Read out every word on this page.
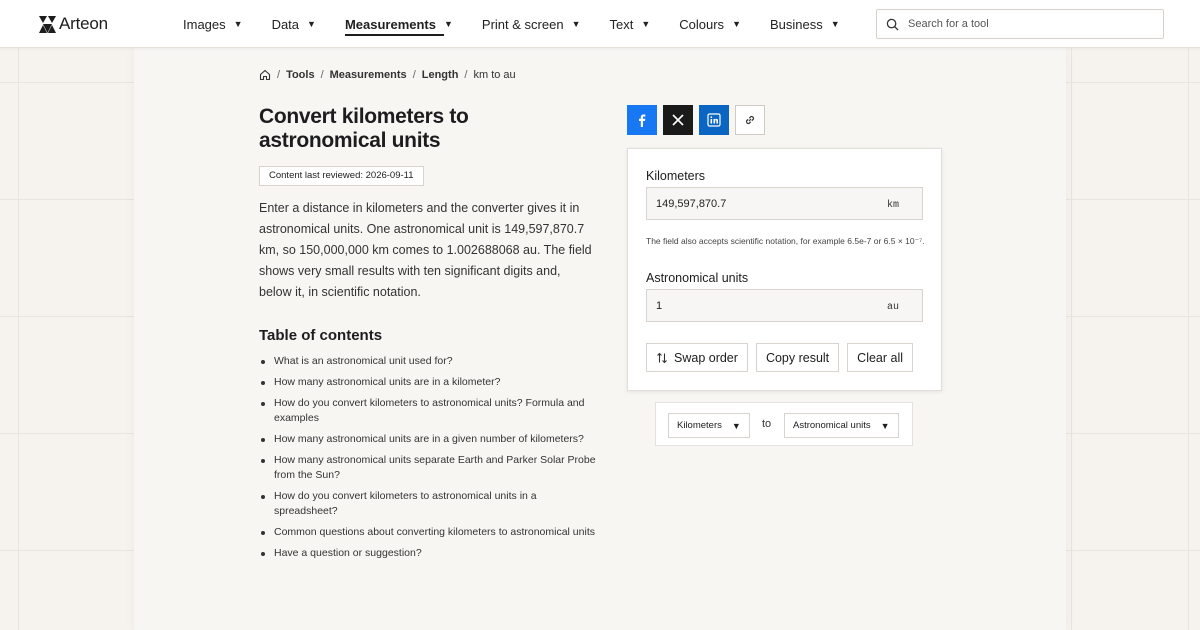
Arteon	Images ▼ Data ▼ Measurements ▼ Print & screen ▼ Text ▼ Colours ▼ Business ▼
Search for a tool
/ Tools / Measurements / Length / km to au
Convert kilometers to astronomical units
Content last reviewed: 2026-09-11

Enter a distance in kilometers and the converter gives it in astronomical units. One astronomical unit is 149,597,870.7 km, so 150,000,000 km comes to 1.002688068 au. The field shows very small results with ten significant digits and, below it, in scientific notation.

Table of contents
What is an astronomical unit used for?
How many astronomical units are in a kilometer?
How do you convert kilometers to astronomical units? Formula and examples
How many astronomical units are in a given number of kilometers?
How many astronomical units separate Earth and Parker Solar Probe from the Sun?
How do you convert kilometers to astronomical units in a spreadsheet?
Common questions about converting kilometers to astronomical units
Have a question or suggestion?
Kilometers
149,597,870.7
km

The field also accepts scientific notation, for example 6.5e-7 or 6.5 × 10⁻⁷.

Astronomical units
1
au
Swap order Copy result Clear all
Kilometers ▼ to Astronomical units ▼
